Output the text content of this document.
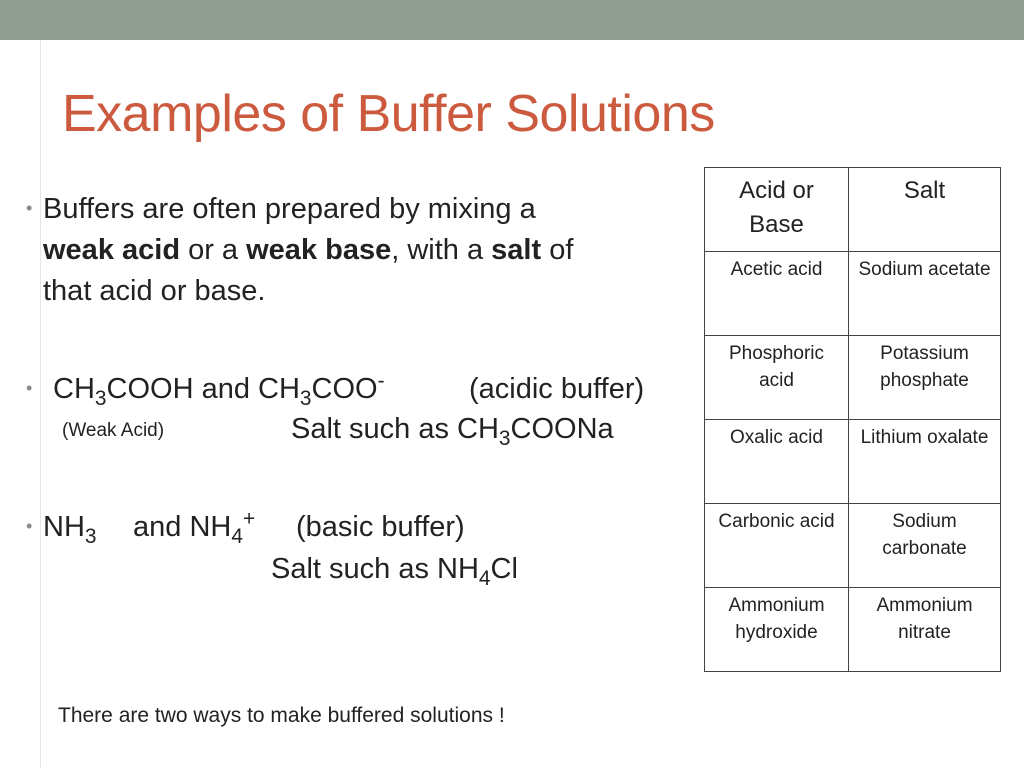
Examples of Buffer Solutions
• Buffers are often prepared by mixing a
weak acid or a weak base, with a salt of
that acid or base.
• $CH_3COOH$ and $CH_3COO^-$	(acidic buffer)
(Weak Acid)	Salt such as $CH_3COONa$
• $NH_3$ and $NH_4^+$ (basic buffer)
Salt such as $NH_4Cl$
There are two ways to make buffered solutions !
Acid or Base	Salt
Acetic acid	Sodium acetate
Phosphoric acid	Potassium phosphate
Oxalic acid	Lithium oxalate
Carbonic acid	Sodium carbonate
Ammonium hydroxide	Ammonium nitrate
